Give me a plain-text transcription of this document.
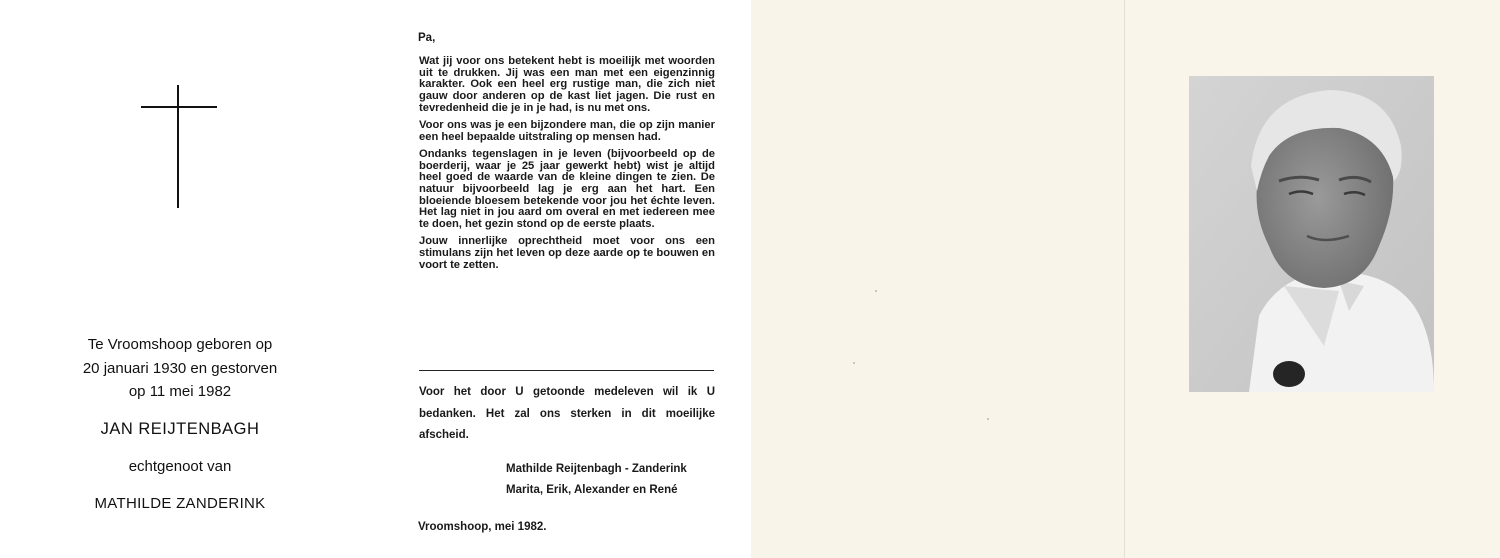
Te Vroomshoop geboren op
20 januari 1930 en gestorven
op 11 mei 1982
JAN REIJTENBAGH
echtgenoot van
MATHILDE ZANDERINK
Pa,

Wat jij voor ons betekent hebt is moeilijk met woorden uit te drukken. Jij was een man met een eigenzinnig karakter. Ook een heel erg rustige man, die zich niet gauw door anderen op de kast liet jagen. Die rust en tevredenheid die je in je had, is nu met ons.

Voor ons was je een bijzondere man, die op zijn manier een heel bepaalde uitstraling op mensen had.

Ondanks tegenslagen in je leven (bijvoorbeeld op de boerderij, waar je 25 jaar gewerkt hebt) wist je altijd heel goed de waarde van de kleine dingen te zien. De natuur bijvoorbeeld lag je erg aan het hart. Een bloeiende bloesem betekende voor jou het échte leven. Het lag niet in jou aard om overal en met iedereen mee te doen, het gezin stond op de eerste plaats.

Jouw innerlijke oprechtheid moet voor ons een stimulans zijn het leven op deze aarde op te bouwen en voort te zetten.

Voor het door U getoonde medeleven wil ik U bedanken. Het zal ons sterken in dit moeilijke afscheid.
Mathilde Reijtenbagh - Zanderink
Marita, Erik, Alexander en René
Vroomshoop, mei 1982.
